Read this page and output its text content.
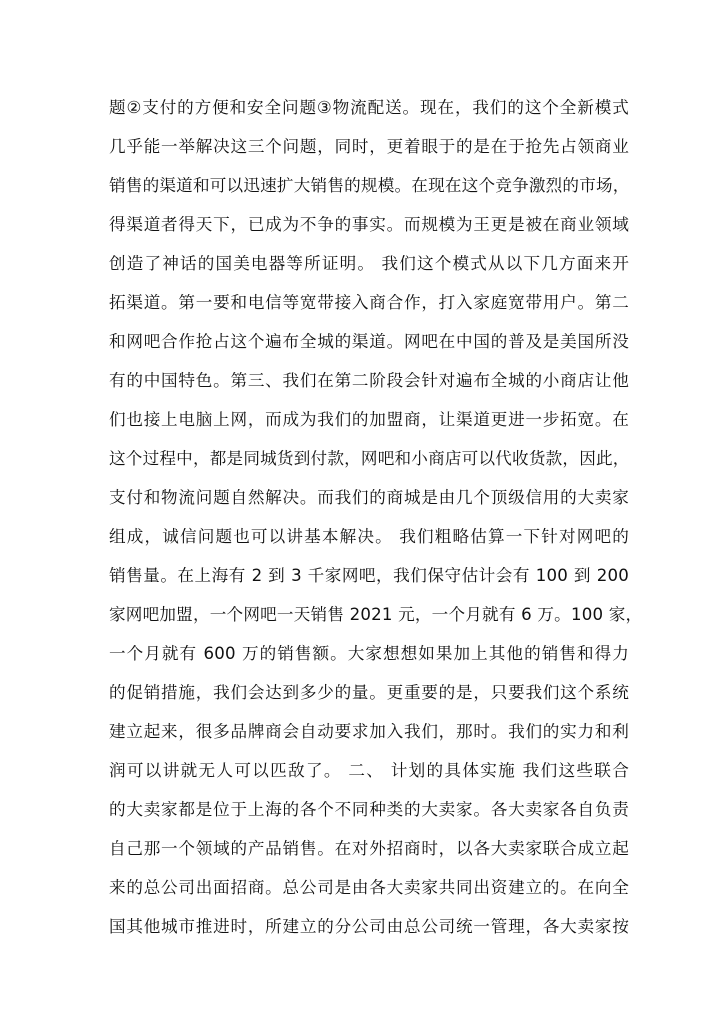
题②支付的方便和安全问题③物流配送。现在，我们的这个全新模式
几乎能一举解决这三个问题，同时，更着眼于的是在于抢先占领商业
销售的渠道和可以迅速扩大销售的规模。在现在这个竞争激烈的市场，
得渠道者得天下，已成为不争的事实。而规模为王更是被在商业领域
创造了神话的国美电器等所证明。 我们这个模式从以下几方面来开
拓渠道。第一要和电信等宽带接入商合作，打入家庭宽带用户。第二
和网吧合作抢占这个遍布全城的渠道。网吧在中国的普及是美国所没
有的中国特色。第三、我们在第二阶段会针对遍布全城的小商店让他
们也接上电脑上网，而成为我们的加盟商，让渠道更进一步拓宽。在
这个过程中，都是同城货到付款，网吧和小商店可以代收货款，因此，
支付和物流问题自然解决。而我们的商城是由几个顶级信用的大卖家
组成，诚信问题也可以讲基本解决。 我们粗略估算一下针对网吧的
销售量。在上海有 2 到 3 千家网吧，我们保守估计会有 100 到 200
家网吧加盟，一个网吧一天销售 2021 元，一个月就有 6 万。100 家，
一个月就有 600 万的销售额。大家想想如果加上其他的销售和得力
的促销措施，我们会达到多少的量。更重要的是，只要我们这个系统
建立起来，很多品牌商会自动要求加入我们，那时。我们的实力和利
润可以讲就无人可以匹敌了。 二、 计划的具体实施 我们这些联合
的大卖家都是位于上海的各个不同种类的大卖家。各大卖家各自负责
自己那一个领域的产品销售。在对外招商时，以各大卖家联合成立起
来的总公司出面招商。总公司是由各大卖家共同出资建立的。在向全
国其他城市推进时，所建立的分公司由总公司统一管理，各大卖家按
